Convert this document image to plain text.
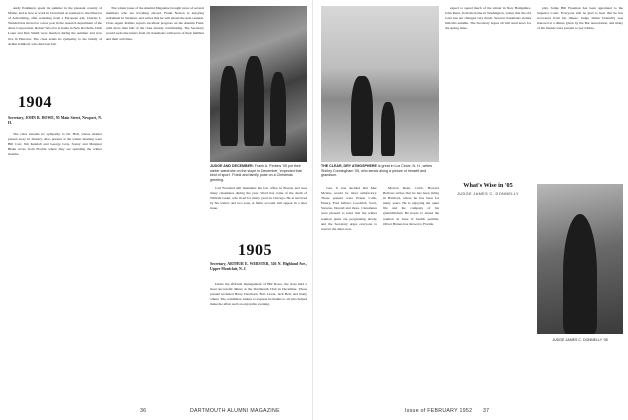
Andy Parkhurst, spent its summer in the pleasant country of Maine, and is now at work in Cleveland as assistant to the Director of Advertising, after returning from a European trip. Charles L. Wendell has moved to a new post in the research department of the Atlas Corporation. Robert Wood is at home in New Rochelle. Dick Lauer and Dan Smith were married during the summer and now live in Hanover. The class sends its sympathy to the family of Arthur Kimball, who died last fall.

1904

Secretary, JOHN B. HOWE, 95 Main Street, Newport, N. H.

The class extends its sympathy to Dr. Hall, whose mother passed away in January. Also present at the winter meeting were Bill Carr, Jim Kendall and George Gray. Sonny and Margaret Blake wrote from Florida where they are spending the winter months.

The winter issue of the Alumni Magazine brought news of several members who are traveling abroad. Frank Nelson is enjoying retirement in Vermont, and writes that he will attend the next reunion. Class Agent Rollins reports excellent progress on the Alumni Fund, with more than half of the class already contributing. The Secretary would welcome letters from all classmates with news of their families and their activities.

JUDGE AND DECEMBER: Frank A. Perkins '05 put their winter wardrobe on the slope in December, 'expected that kind of sport'. Frank and family pose on a Christmas greeting.

Carl Freeland still maintains his law office in Boston and sees many classmates during the year. Word has come of the death of William Grant, who lived for many years in Chicago. He is survived by his widow and two sons. A fuller account will appear in a later issue.

1905

Secretary, ARTHUR E. WEBSTER, 526 N. Highland Ave., Upper Montclair, N. J.

Under the efficient management of Bill Rowe, the class held a most successful dinner at the Dartmouth Club in December. Those present included Harry Dearborn, Bob Lewis, Jack Bell, and many others. The committee wishes to express its thanks to all who helped make the affair such an enjoyable evening.

36	DARTMOUTH ALUMNI MAGAZINE
THE CLEAR, DRY ATMOSPHERE is great in Lux Circle, N. H., writes Shirley Cunningham '05, who sends along a picture of himself and grandson.

vote. It was decided that Mac Mclane would be most satisfactory. Those present were Ernest Cobb, Emery, Fred Gilbert, Goodrich, Scott, Stevens, Donald and more. Classmates were pleased to learn that the winter reunion plans are progressing nicely, and the Secretary urges everyone to reserve the dates now.

Morton Dean, Cobb, Howard Bellows writes that he has been living in Hartford, where he has been for many years. He is enjoying the quiet life and the company of his grandchildren. He hopes to attend the reunion in June if health permits. Oliver Barnes has moved to Florida.

expect to spend much of the winter in New Hampshire. John Reed, from his home in Washington, writes that the old town has not changed very much. Several classmates visited him this autumn. The Secretary hopes all will send news for the spring issue.

play. Judge Bill Freeman has been appointed to the Superior Court. Everyone will be glad to hear that he has recovered from his illness. Judge James Donnelly was honored at a dinner given by the Bar Association, and many of his friends were present to pay tribute.

What's Wise in '05
JUDGE JAMES C. DONNELLY
JUDGE JAMES C. DONNELLY '05

Issue of FEBRUARY 1952 37
